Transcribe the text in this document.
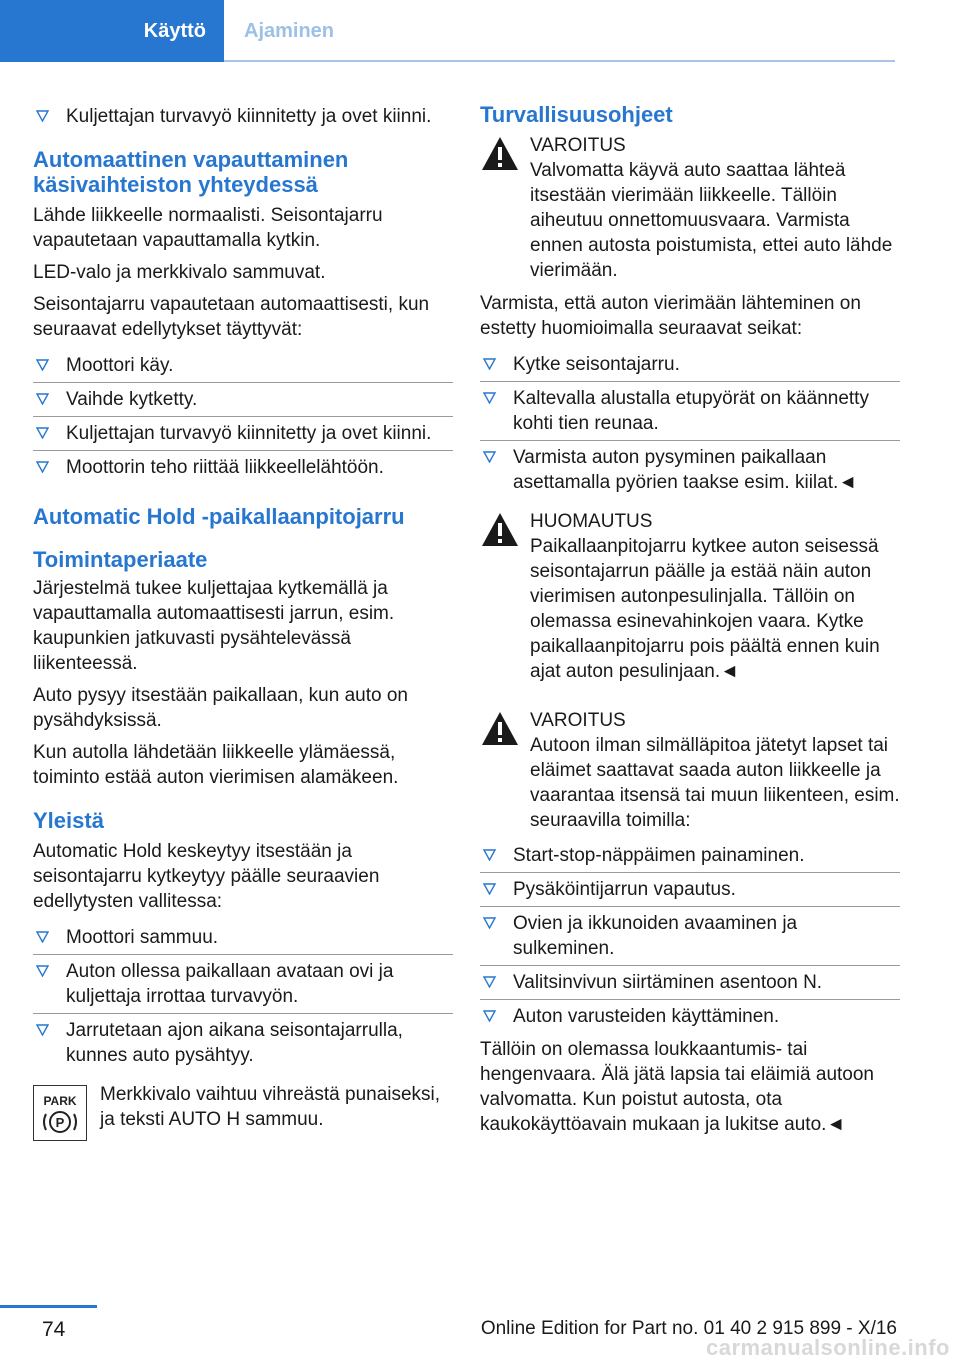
Käyttö	Ajaminen
Kuljettajan turvavyö kiinnitetty ja ovet kiinni.
Automaattinen vapauttaminen käsivaihteiston yhteydessä

Lähde liikkeelle normaalisti. Seisontajarru vapautetaan vapauttamalla kytkin.

LED-valo ja merkkivalo sammuvat.

Seisontajarru vapautetaan automaattisesti, kun seuraavat edellytykset täyttyvät:

Moottori käy.
Vaihde kytketty.
Kuljettajan turvavyö kiinnitetty ja ovet kiinni.
Moottorin teho riittää liikkeellelähtöön.
Automatic Hold -paikallaanpitojarru
Toimintaperiaate

Järjestelmä tukee kuljettajaa kytkemällä ja vapauttamalla automaattisesti jarrun, esim. kaupunkien jatkuvasti pysähtelevässä liikenteessä.

Auto pysyy itsestään paikallaan, kun auto on pysähdyksissä.

Kun autolla lähdetään liikkeelle ylämäessä, toiminto estää auton vierimisen alamäkeen.

Yleistä

Automatic Hold keskeytyy itsestään ja seisontajarru kytkeytyy päälle seuraavien edellytysten vallitessa:

Moottori sammuu.
Auton ollessa paikallaan avataan ovi ja kuljettaja irrottaa turvavyön.
Jarrutetaan ajon aikana seisontajarrulla, kunnes auto pysähtyy.
PARK
P
Merkkivalo vaihtuu vihreästä punaiseksi, ja teksti AUTO H sammuu.
Turvallisuusohjeet
VAROITUS
Valvomatta käyvä auto saattaa lähteä itsestään vierimään liikkeelle. Tällöin aiheutuu onnettomuusvaara. Varmista ennen autosta poistumista, ettei auto lähde vierimään.

Varmista, että auton vierimään lähteminen on estetty huomioimalla seuraavat seikat:

Kytke seisontajarru.
Kaltevalla alustalla etupyörät on käännetty kohti tien reunaa.
Varmista auton pysyminen paikallaan asettamalla pyörien taakse esim. kiilat.◄
HUOMAUTUS
Paikallaanpitojarru kytkee auton seisessä seisontajarrun päälle ja estää näin auton vierimisen autonpesulinjalla. Tällöin on olemassa esinevahinkojen vaara. Kytke paikallaanpitojarru pois päältä ennen kuin ajat auton pesulinjaan.◄
VAROITUS
Autoon ilman silmälläpitoa jätetyt lapset tai eläimet saattavat saada auton liikkeelle ja vaarantaa itsensä tai muun liikenteen, esim. seuraavilla toimilla:
Start-stop-näppäimen painaminen.
Pysäköintijarrun vapautus.
Ovien ja ikkunoiden avaaminen ja sulkeminen.
Valitsinvivun siirtäminen asentoon N.
Auton varusteiden käyttäminen.

Tällöin on olemassa loukkaantumis- tai hengenvaara. Älä jätä lapsia tai eläimiä autoon valvomatta. Kun poistut autosta, ota kaukokäyttöavain mukaan ja lukitse auto.◄

74	Online Edition for Part no. 01 40 2 915 899 - X/16
carmanualsonline.info
